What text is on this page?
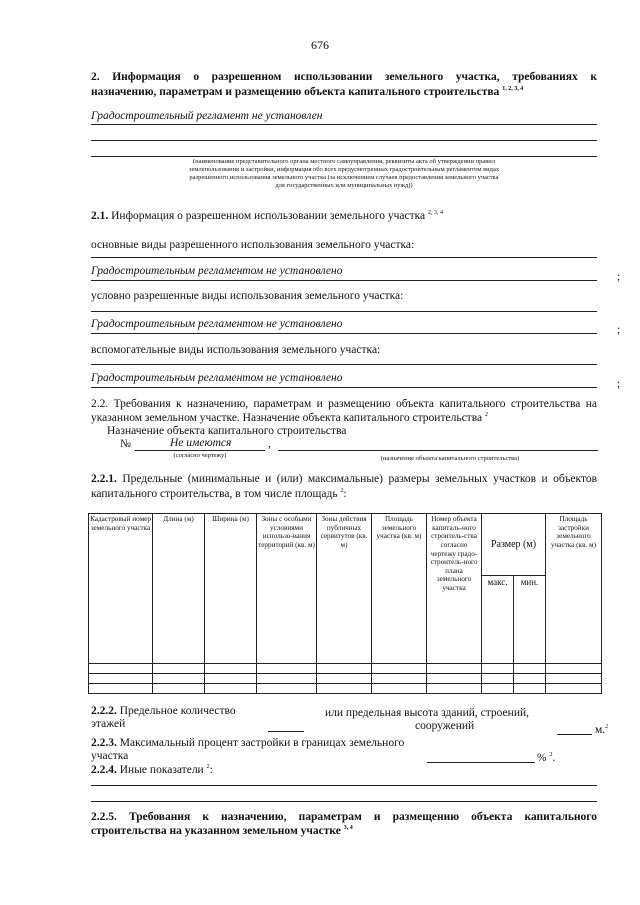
676
2. Информация о разрешенном использовании земельного участка, требованиях к
назначению, параметрам и размещению объекта капитального строительства $^{1, 2, 3, 4}$
Градостроительный регламент не установлен
(наименование представительного органа местного самоуправления, реквизиты акта об утверждении правил
землепользования и застройки, информация обо всех предусмотренных градостроительным регламентом видах
разрешенного использования земельного участка (за исключением случаев предоставления земельного участка
для государственных или муниципальных нужд))
2.1. Информация о разрешенном использовании земельного участка $^{2, 3, 4}$
основные виды разрешенного использования земельного участка:
Градостроительным регламентом не установлено	;
условно разрешенные виды использования земельного участка:
Градостроительным регламентом не установлено	;
вспомогательные виды использования земельного участка:
Градостроительным регламентом не установлено	;
2.2. Требования к назначению, параметрам и размещению объекта капитального строительства на
указанном земельном участке. Назначение объекта капитального строительства $^2$
Назначение объекта капитального строительства
№	Не имеются	,
(согласно чертежу)	(назначение объекта капитального строительства)
2.2.1. Предельные (минимальные и (или) максимальные) размеры земельных участков и объектов
капитального строительства, в том числе площадь $^2$:
Кадастровый номер земельного участка	Длина (м)	Ширина (м)	Зоны с особыми условиями использо-вания территорий (кв. м)	Зоны действия публичных сервитутов (кв. м)	Площадь земельного участка (кв. м)	Номер объекта капиталь-ного строитель-ства согласно чертежу градо-строитель-ного плана земельного участка	Размер (м)		Площадь застройки земельного участка (кв. м)
							макс.	мин.	

2.2.2. Предельное количество
этажей
или предельная высота зданий, строений,
сооружений	м.$^2$
2.2.3. Максимальный процент застройки в границах земельного
участка	% $^2$.
2.2.4. Иные показатели $^2$:
2.2.5. Требования к назначению, параметрам и размещению объекта капитального
строительства на указанном земельном участке $^{3, 4}$
